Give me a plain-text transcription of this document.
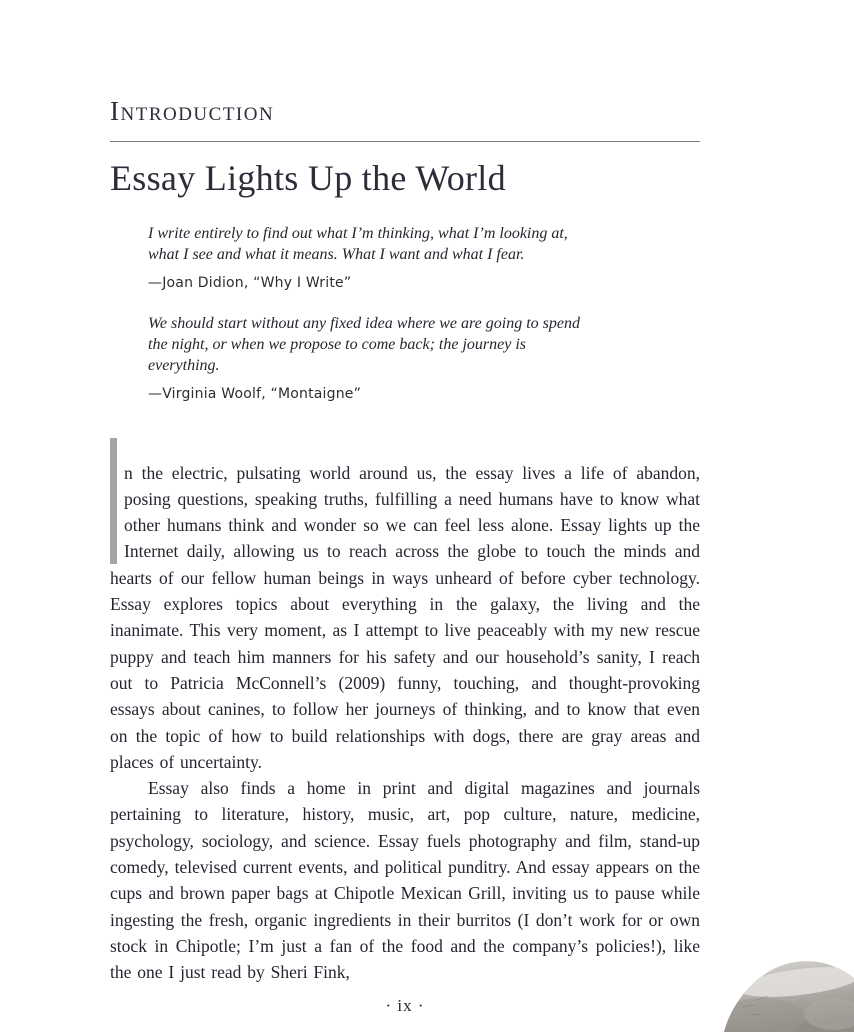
Introduction
Essay Lights Up the World

I write entirely to find out what I’m thinking, what I’m looking at, what I see and what it means. What I want and what I fear.

—Joan Didion, “Why I Write”

We should start without any fixed idea where we are going to spend the night, or when we propose to come back; the journey is everything.

—Virginia Woolf, “Montaigne”

n the electric, pulsating world around us, the essay lives a life of abandon, posing questions, speaking truths, fulfilling a need humans have to know what other humans think and wonder so we can feel less alone. Essay lights up the Internet daily, allowing us to reach across the globe to touch the minds and hearts of our fellow human beings in ways unheard of before cyber technology. Essay explores topics about everything in the galaxy, the living and the inanimate. This very moment, as I attempt to live peaceably with my new rescue puppy and teach him manners for his safety and our household’s sanity, I reach out to Patricia McConnell’s (2009) funny, touching, and thought-provoking essays about canines, to follow her journeys of thinking, and to know that even on the topic of how to build relationships with dogs, there are gray areas and places of uncertainty.

Essay also finds a home in print and digital magazines and journals pertaining to literature, history, music, art, pop culture, nature, medicine, psychology, sociology, and science. Essay fuels photography and film, stand-up comedy, televised current events, and political punditry. And essay appears on the cups and brown paper bags at Chipotle Mexican Grill, inviting us to pause while ingesting the fresh, organic ingredients in their burritos (I don’t work for or own stock in Chipotle; I’m just a fan of the food and the company’s policies!), like the one I just read by Sheri Fink,

· ix ·
